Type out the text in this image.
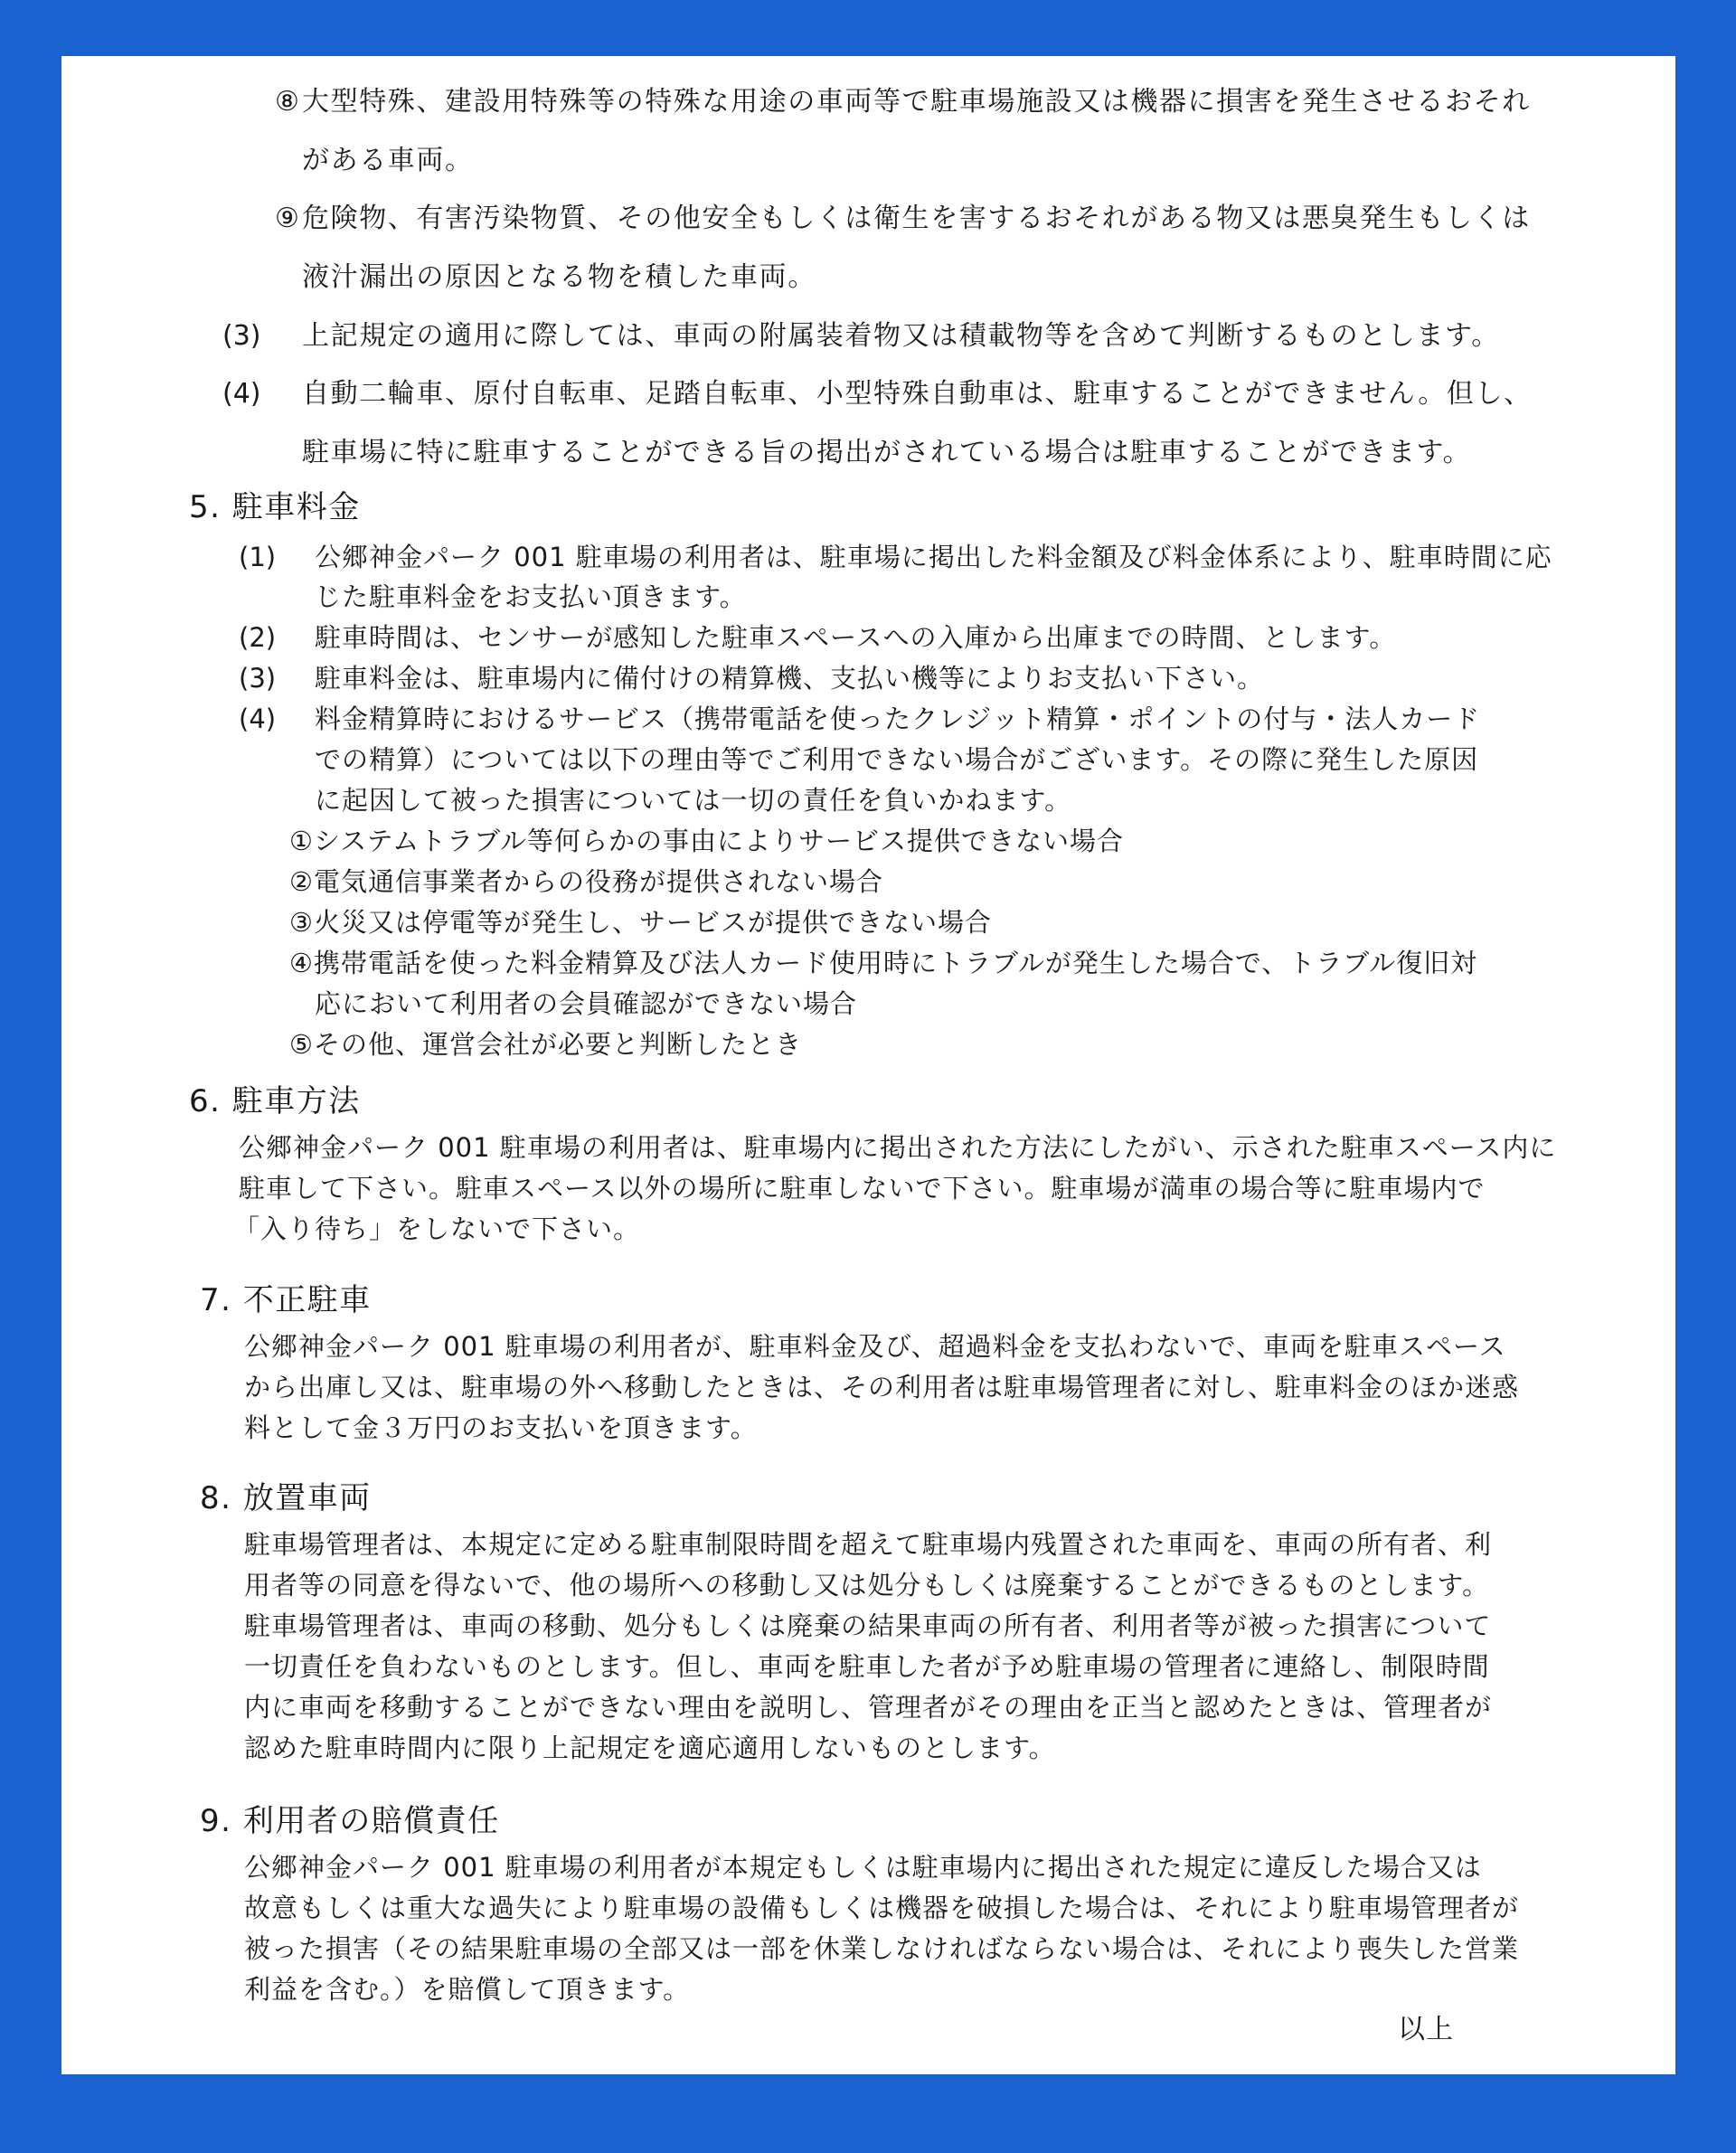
⑧ 大型特殊、建設用特殊等の特殊な用途の車両等で駐車場施設又は機器に損害を発生させるおそれ
がある車両。
⑨ 危険物、有害汚染物質、その他安全もしくは衛生を害するおそれがある物又は悪臭発生もしくは
液汁漏出の原因となる物を積した車両。
(3) 上記規定の適用に際しては、車両の附属装着物又は積載物等を含めて判断するものとします。
(4) 自動二輪車、原付自転車、足踏自転車、小型特殊自動車は、駐車することができません。但し、
駐車場に特に駐車することができる旨の掲出がされている場合は駐車することができます。
5. 駐車料金
(1) 公郷神金パーク 001 駐車場の利用者は、駐車場に掲出した料金額及び料金体系により、駐車時間に応
じた駐車料金をお支払い頂きます。
(2) 駐車時間は、センサーが感知した駐車スペースへの入庫から出庫までの時間、とします。
(3) 駐車料金は、駐車場内に備付けの精算機、支払い機等によりお支払い下さい。
(4) 料金精算時におけるサービス（携帯電話を使ったクレジット精算・ポイントの付与・法人カード
での精算）については以下の理由等でご利用できない場合がございます。その際に発生した原因
に起因して被った損害については一切の責任を負いかねます。
①システムトラブル等何らかの事由によりサービス提供できない場合
②電気通信事業者からの役務が提供されない場合
③火災又は停電等が発生し、サービスが提供できない場合
④携帯電話を使った料金精算及び法人カード使用時にトラブルが発生した場合で、トラブル復旧対
応において利用者の会員確認ができない場合
⑤その他、運営会社が必要と判断したとき
6. 駐車方法
公郷神金パーク 001 駐車場の利用者は、駐車場内に掲出された方法にしたがい、示された駐車スペース内に
駐車して下さい。駐車スペース以外の場所に駐車しないで下さい。駐車場が満車の場合等に駐車場内で
「入り待ち」をしないで下さい。
7. 不正駐車
公郷神金パーク 001 駐車場の利用者が、駐車料金及び、超過料金を支払わないで、車両を駐車スペース
から出庫し又は、駐車場の外へ移動したときは、その利用者は駐車場管理者に対し、駐車料金のほか迷惑
料として金３万円のお支払いを頂きます。
8. 放置車両
駐車場管理者は、本規定に定める駐車制限時間を超えて駐車場内残置された車両を、車両の所有者、利
用者等の同意を得ないで、他の場所への移動し又は処分もしくは廃棄することができるものとします。
駐車場管理者は、車両の移動、処分もしくは廃棄の結果車両の所有者、利用者等が被った損害について
一切責任を負わないものとします。但し、車両を駐車した者が予め駐車場の管理者に連絡し、制限時間
内に車両を移動することができない理由を説明し、管理者がその理由を正当と認めたときは、管理者が
認めた駐車時間内に限り上記規定を適応適用しないものとします。
9. 利用者の賠償責任
公郷神金パーク 001 駐車場の利用者が本規定もしくは駐車場内に掲出された規定に違反した場合又は
故意もしくは重大な過失により駐車場の設備もしくは機器を破損した場合は、それにより駐車場管理者が
被った損害（その結果駐車場の全部又は一部を休業しなければならない場合は、それにより喪失した営業
利益を含む。）を賠償して頂きます。
以上
